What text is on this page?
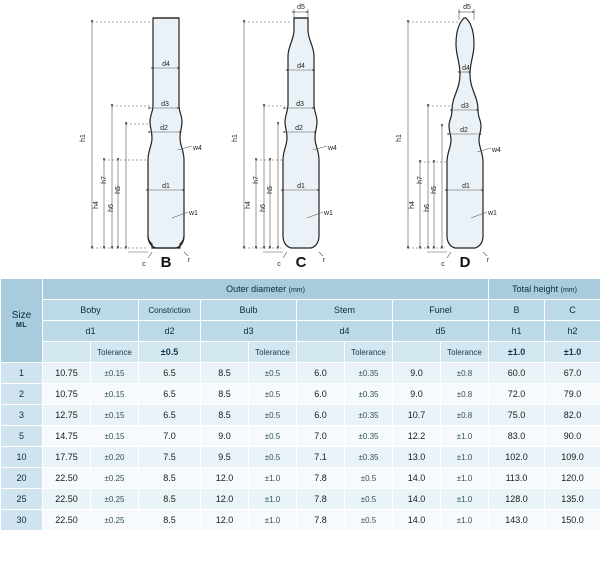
h1
h7
h5
h4 h6
d4
d3
d2
d1
w4
w1
c
r
d5
h1
h7
h5
h4 h6
d4
d3
d2
d1
w4
w1
c
r
d5
h1
h7
h5
h4 h6
d4
d3
d2
d1
w4
w1
c
r
B	C	D
Size
ML	Outer diameter (mm)									Total height (mm)	
	Boby		Constriction	Bulb		Stem		Funel		B	C
	d1		d2	d3		d4		d5		h1	h2
		Tolerance	±0.5		Tolerance		Tolerance		Tolerance	±1.0	±1.0
1	10.75	±0.15	6.5	8.5	±0.5	6.0	±0.35	9.0	±0.8	60.0	67.0
2	10.75	±0.15	6.5	8.5	±0.5	6.0	±0.35	9.0	±0.8	72.0	79.0
3	12.75	±0.15	6.5	8.5	±0.5	6.0	±0.35	10.7	±0.8	75.0	82.0
5	14.75	±0.15	7.0	9.0	±0.5	7.0	±0.35	12.2	±1.0	83.0	90.0
10	17.75	±0.20	7.5	9.5	±0.5	7.1	±0.35	13.0	±1.0	102.0	109.0
20	22.50	±0.25	8.5	12.0	±1.0	7.8	±0.5	14.0	±1.0	113.0	120.0
25	22.50	±0.25	8.5	12.0	±1.0	7.8	±0.5	14.0	±1.0	128.0	135.0
30	22.50	±0.25	8.5	12.0	±1.0	7.8	±0.5	14.0	±1.0	143.0	150.0
